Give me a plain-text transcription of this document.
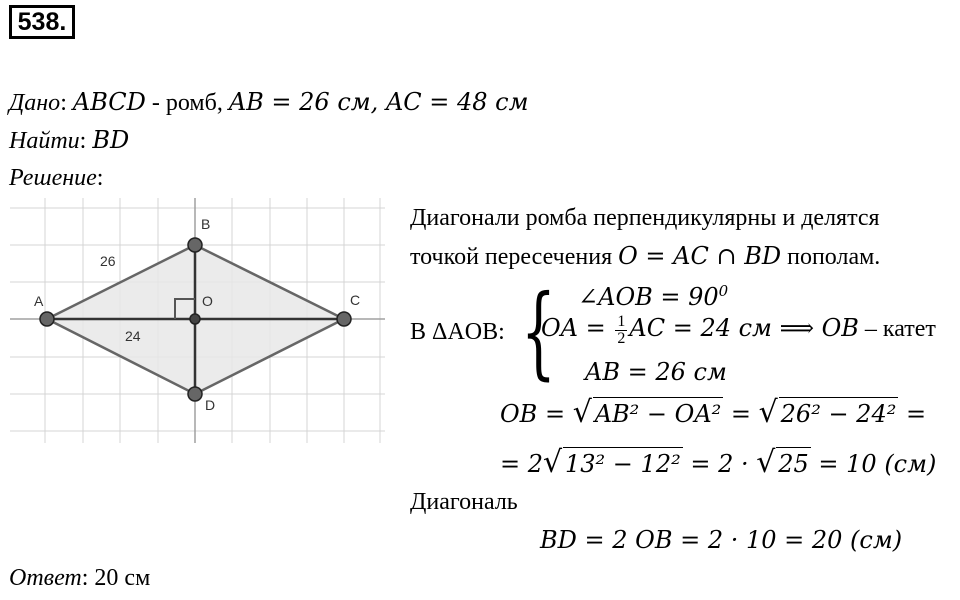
538.
Дано: ABCD - ромб, AB = 26 см, AC = 48 см
Найти: BD
Решение:
A
B
C
D
O
26
24
Диагонали ромба перпендикулярны и делятся
точкой пересечения O = AC ∩ BD пополам.
В ΔAOB: { ∠AOB = $90^0$
OA = $\frac{1}{2}$ AC = 24 см ⟹ OB – катет
AB = 26 см
OB = √ AB² − OA² = √ 26² − 24² =
= 2√ 13² − 12² = 2 · √ 25 = 10 (см)
Диагональ
BD = 2 OB = 2 · 10 = 20 (см)
Ответ: 20 см
